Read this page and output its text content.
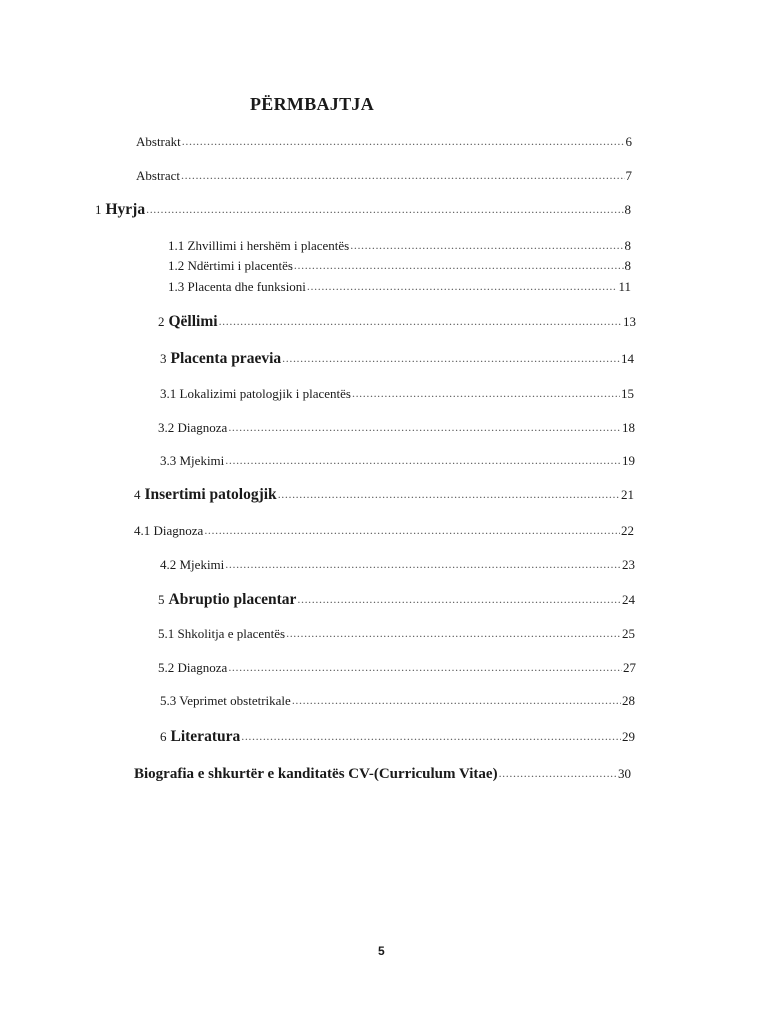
PËRMBAJTJA
Abstrakt .....	6
Abstract .....	7
1 Hyrja .....	8
1.1 Zhvillimi i hershëm i placentës .....	8
1.2 Ndërtimi i placentës .....	8
1.3 Placenta dhe funksioni .....	11
2 Qëllimi .....	13
3 Placenta praevia .....	14
3.1 Lokalizimi patologjik i placentës .....	15
3.2 Diagnoza .....	18
3.3 Mjekimi .....	19
4 Insertimi patologjik .....	21
4.1 Diagnoza .....	22
4.2 Mjekimi .....	23
5 Abruptio placentar .....	24
5.1 Shkolitja e placentës .....	25
5.2 Diagnoza .....	27
5.3 Veprimet obstetrikale .....	28
6 Literatura .....	29
Biografia e shkurtër e kanditatës CV-(Curriculum Vitae) .....	30
5
